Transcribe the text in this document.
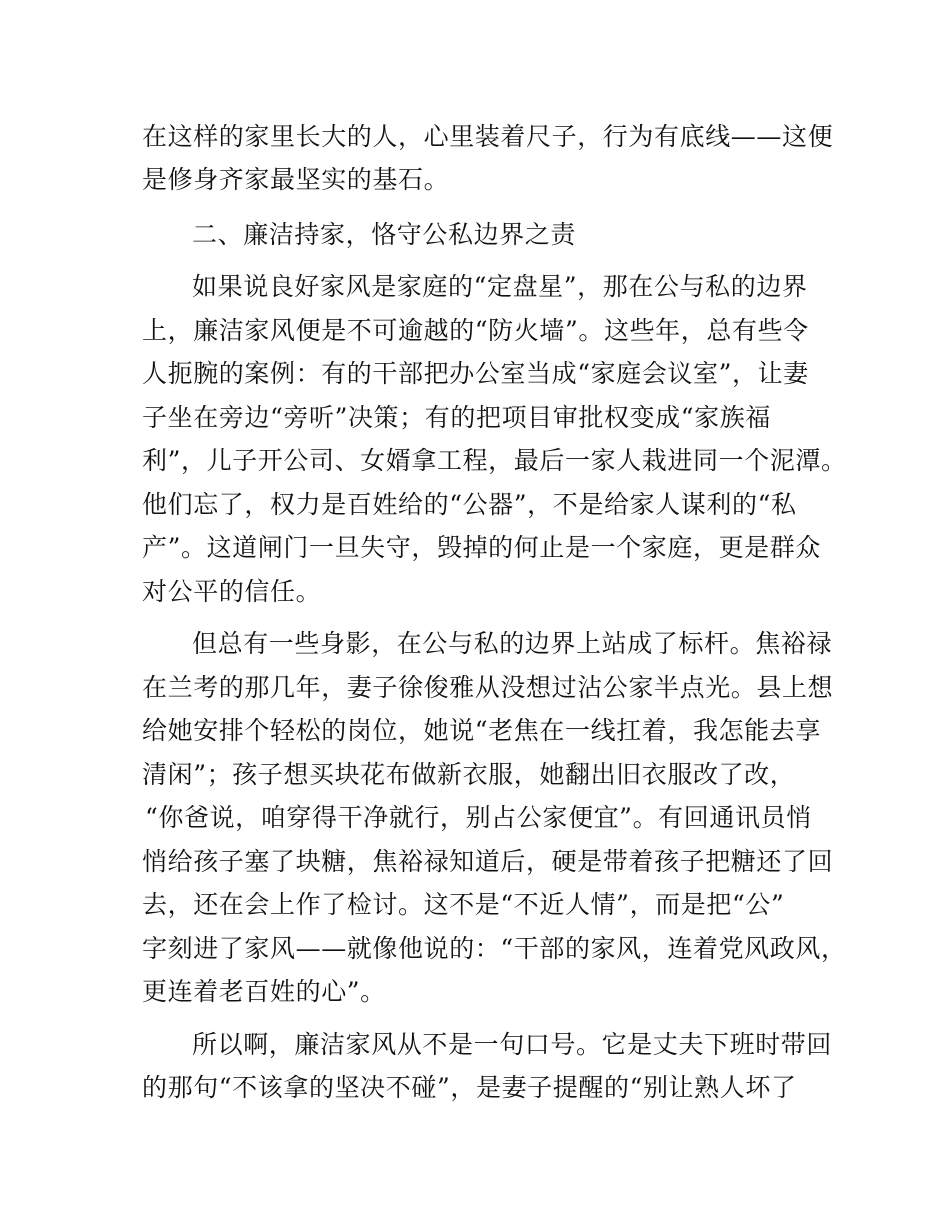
在这样的家里长大的人，心里装着尺子，行为有底线——这便
是修身齐家最坚实的基石。
二、廉洁持家，恪守公私边界之责
如果说良好家风是家庭的“定盘星”，那在公与私的边界
上，廉洁家风便是不可逾越的“防火墙”。这些年，总有些令
人扼腕的案例：有的干部把办公室当成“家庭会议室”，让妻
子坐在旁边“旁听”决策；有的把项目审批权变成“家族福
利”，儿子开公司、女婿拿工程，最后一家人栽进同一个泥潭。
他们忘了，权力是百姓给的“公器”，不是给家人谋利的“私
产”。这道闸门一旦失守，毁掉的何止是一个家庭，更是群众
对公平的信任。
但总有一些身影，在公与私的边界上站成了标杆。焦裕禄
在兰考的那几年，妻子徐俊雅从没想过沾公家半点光。县上想
给她安排个轻松的岗位，她说“老焦在一线扛着，我怎能去享
清闲”；孩子想买块花布做新衣服，她翻出旧衣服改了改，
“你爸说，咱穿得干净就行，别占公家便宜”。有回通讯员悄
悄给孩子塞了块糖，焦裕禄知道后，硬是带着孩子把糖还了回
去，还在会上作了检讨。这不是“不近人情”，而是把“公”
字刻进了家风——就像他说的：“干部的家风，连着党风政风，
更连着老百姓的心”。
所以啊，廉洁家风从不是一句口号。它是丈夫下班时带回
的那句“不该拿的坚决不碰”，是妻子提醒的“别让熟人坏了
